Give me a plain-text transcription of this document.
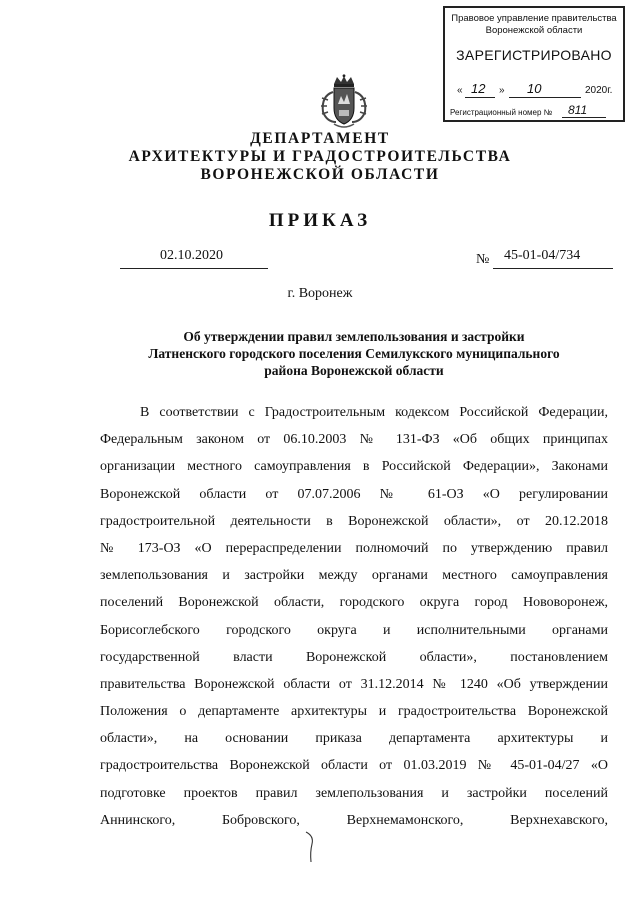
Правовое управление правительства
Воронежской области
ЗАРЕГИСТРИРОВАНО
« 12 » 10	2020г.
Регистрационный номер № 811
ДЕПАРТАМЕНТ
АРХИТЕКТУРЫ И ГРАДОСТРОИТЕЛЬСТВА
ВОРОНЕЖСКОЙ ОБЛАСТИ
ПРИКАЗ
02.10.2020	№ 45-01-04/734
г. Воронеж
Об утверждении правил землепользования и застройки
Латненского городского поселения Семилукского муниципального
района Воронежской области
В соответствии с Градостроительным кодексом Российской Федерации,
Федеральным законом от 06.10.2003 № 131-ФЗ «Об общих принципах
организации местного самоуправления в Российской Федерации», Законами
Воронежской области от 07.07.2006 № 61-ОЗ «О регулировании
градостроительной деятельности в Воронежской области», от 20.12.2018
№ 173-ОЗ «О перераспределении полномочий по утверждению правил
землепользования и застройки между органами местного самоуправления
поселений Воронежской области, городского округа город Нововоронеж,
Борисоглебского городского округа и исполнительными органами
государственной власти Воронежской области», постановлением
правительства Воронежской области от 31.12.2014 № 1240 «Об утверждении
Положения о департаменте архитектуры и градостроительства Воронежской
области», на основании приказа департамента архитектуры и
градостроительства Воронежской области от 01.03.2019 № 45-01-04/27 «О
подготовке проектов правил землепользования и застройки поселений
Аннинского, Бобровского, Верхнемамонского, Верхнехавского,
